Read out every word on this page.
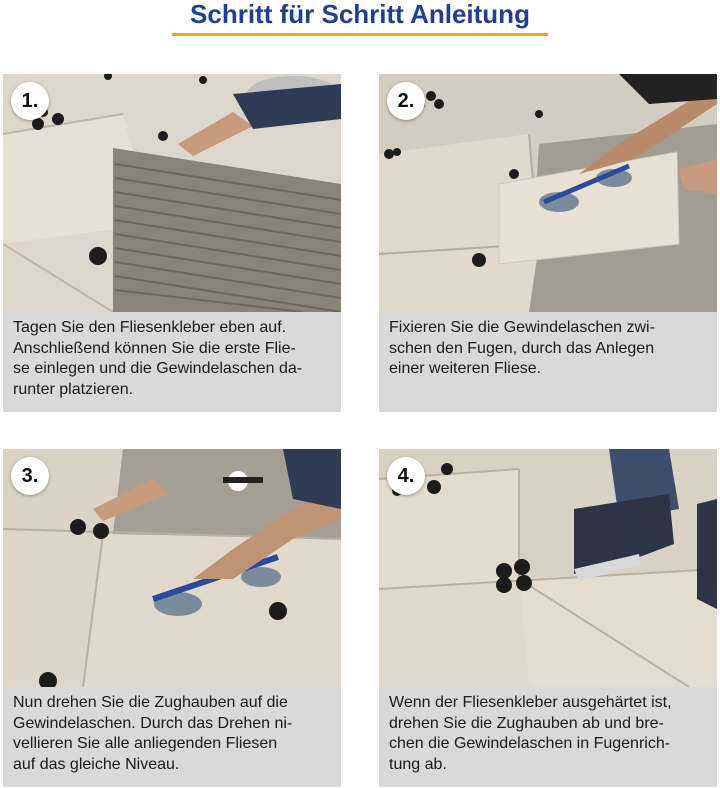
Schritt für Schritt Anleitung
1.
Tagen Sie den Fliesenkleber eben auf.
Anschließend können Sie die erste Flie-
se einlegen und die Gewindelaschen da-
runter platzieren.
2.
Fixieren Sie die Gewindelaschen zwi-
schen den Fugen, durch das Anlegen
einer weiteren Fliese.
3.
Nun drehen Sie die Zughauben auf die
Gewindelaschen. Durch das Drehen ni-
vellieren Sie alle anliegenden Fliesen
auf das gleiche Niveau.
4.
Wenn der Fliesenkleber ausgehärtet ist,
drehen Sie die Zughauben ab und bre-
chen die Gewindelaschen in Fugenrich-
tung ab.
